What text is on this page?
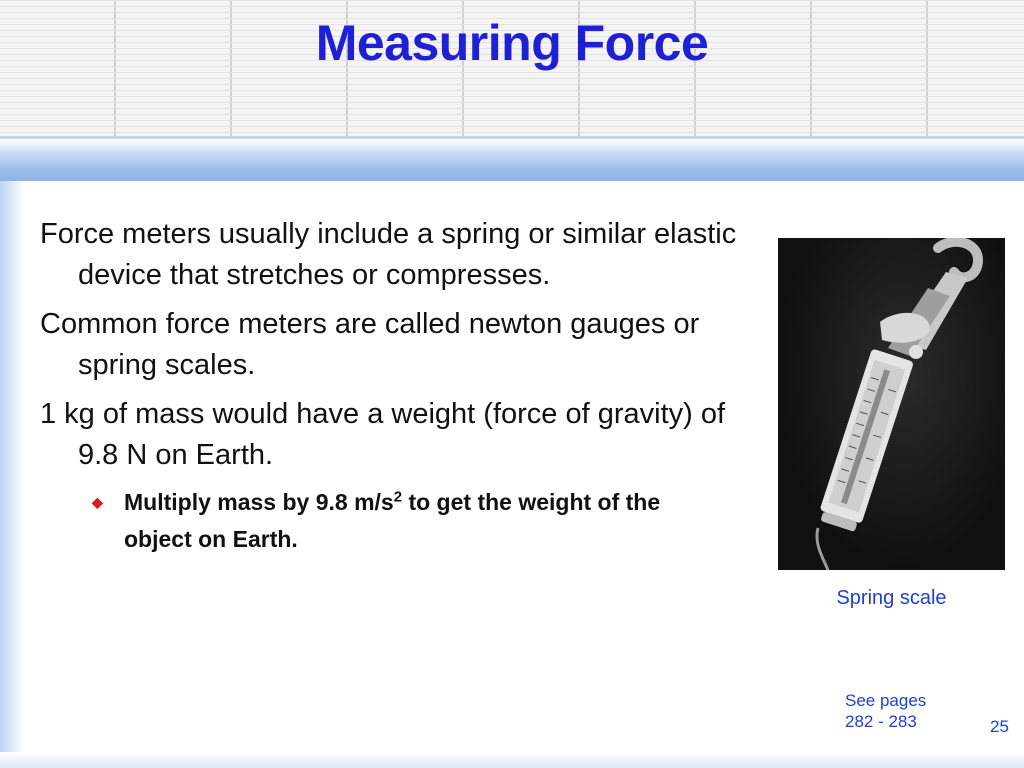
Measuring Force

Force meters usually include a spring or similar elastic device that stretches or compresses.

Common force meters are called newton gauges or spring scales.

1 kg of mass would have a weight (force of gravity) of 9.8 N on Earth.

◆ Multiply mass by 9.8 $m/s^2$ to get the weight of the object on Earth.

Spring scale
See pages
282 - 283	25
